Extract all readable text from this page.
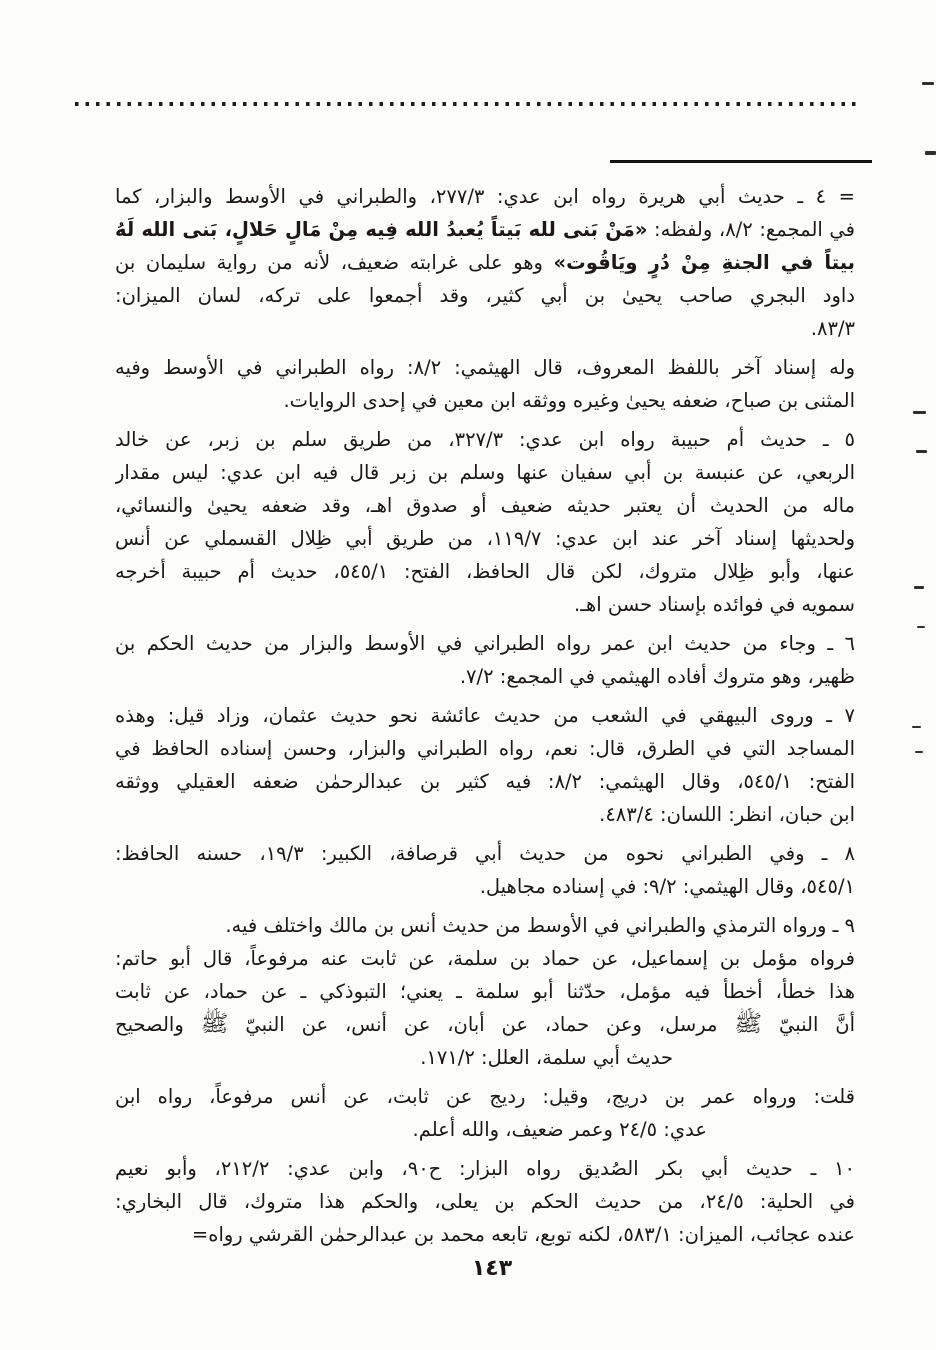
= ٤ ـ حديث أبي هريرة رواه ابن عدي: ٢٧٧/٣، والطبراني في الأوسط والبزار، كما
في المجمع: ٨/٢، ولفظه: «مَنْ بَنى لله بَيتاً يُعبدُ الله فِيه مِنْ مَالٍ حَلالٍ، بَنى الله لَهُ
بيتاً في الجنةِ مِنْ دُرٍ ويَاقُوت» وهو على غرابته ضعيف، لأنه من رواية سليمان بن
داود البجري صاحب يحيىٰ بن أبي كثير، وقد أجمعوا على تركه، لسان الميزان:
٨٣/٣.
وله إسناد آخر باللفظ المعروف، قال الهيثمي: ٨/٢: رواه الطبراني في الأوسط وفيه
المثنى بن صباح، ضعفه يحيىٰ وغيره ووثقه ابن معين في إحدى الروايات.
٥ ـ حديث أم حبيبة رواه ابن عدي: ٣٢٧/٣، من طريق سلم بن زبر، عن خالد
الربعي، عن عنبسة بن أبي سفيان عنها وسلم بن زبر قال فيه ابن عدي: ليس مقدار
ماله من الحديث أن يعتبر حديثه ضعيف أو صدوق اهـ، وقد ضعفه يحيىٰ والنسائي،
ولحديثها إسناد آخر عند ابن عدي: ١١٩/٧، من طريق أبي ظِلال القسملي عن أنس
عنها، وأبو ظِلال متروك، لكن قال الحافظ، الفتح: ٥٤٥/١، حديث أم حبيبة أخرجه
سمويه في فوائده بإسناد حسن اهـ.
٦ ـ وجاء من حديث ابن عمر رواه الطبراني في الأوسط والبزار من حديث الحكم بن
ظهير، وهو متروك أفاده الهيثمي في المجمع: ٧/٢.
٧ ـ وروى البيهقي في الشعب من حديث عائشة نحو حديث عثمان، وزاد قيل: وهذه
المساجد التي في الطرق، قال: نعم، رواه الطبراني والبزار، وحسن إسناده الحافظ في
الفتح: ٥٤٥/١، وقال الهيثمي: ٨/٢: فيه كثير بن عبدالرحمٰن ضعفه العقيلي ووثقه
ابن حبان، انظر: اللسان: ٤٨٣/٤.
٨ ـ وفي الطبراني نحوه من حديث أبي قرصافة، الكبير: ١٩/٣، حسنه الحافظ:
٥٤٥/١، وقال الهيثمي: ٩/٢: في إسناده مجاهيل.
٩ ـ ورواه الترمذي والطبراني في الأوسط من حديث أنس بن مالك واختلف فيه.
فرواه مؤمل بن إسماعيل، عن حماد بن سلمة، عن ثابت عنه مرفوعاً، قال أبو حاتم:
هذا خطأ، أخطأ فيه مؤمل، حدّثنا أبو سلمة ـ يعني؛ التبوذكي ـ عن حماد، عن ثابت
أنَّ النبيّ ﷺ مرسل، وعن حماد، عن أبان، عن أنس، عن النبيّ ﷺ والصحيح
حديث أبي سلمة، العلل: ١٧١/٢.
قلت: ورواه عمر بن دريج، وقيل: رديج عن ثابت، عن أنس مرفوعاً، رواه ابن
عدي: ٢٤/٥ وعمر ضعيف، والله أعلم.
١٠ ـ حديث أبي بكر الصُديق رواه البزار: ح٩٠، وابن عدي: ٢١٢/٢، وأبو نعيم
في الحلية: ٢٤/٥، من حديث الحكم بن يعلى، والحكم هذا متروك، قال البخاري:
عنده عجائب، الميزان: ٥٨٣/١، لكنه توبع، تابعه محمد بن عبدالرحمٰن القرشي رواه=
١٤٣
